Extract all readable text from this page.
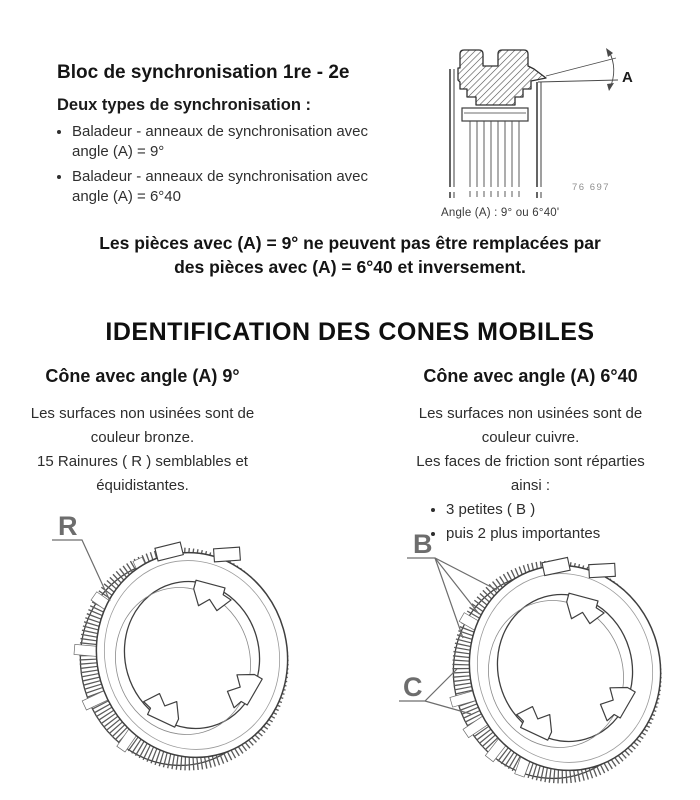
Bloc de synchronisation 1re - 2e
Deux types de synchronisation :
• Baladeur - anneaux de synchronisation avec
angle (A) = 9°
• Baladeur - anneaux de synchronisation avec
angle (A) = 6°40
A
76 697
Angle (A) : 9° ou 6°40'
Les pièces avec (A) = 9° ne peuvent pas être remplacées par
des pièces avec (A) = 6°40 et inversement.
IDENTIFICATION DES CONES MOBILES
Cône avec angle (A) 9°
Les surfaces non usinées sont de
couleur bronze.
15 Rainures ( R ) semblables et
équidistantes.
Cône avec angle (A) 6°40
Les surfaces non usinées sont de
couleur cuivre.
Les faces de friction sont réparties
ainsi :
• 3 petites ( B )
• puis 2 plus importantes
R
B
C
